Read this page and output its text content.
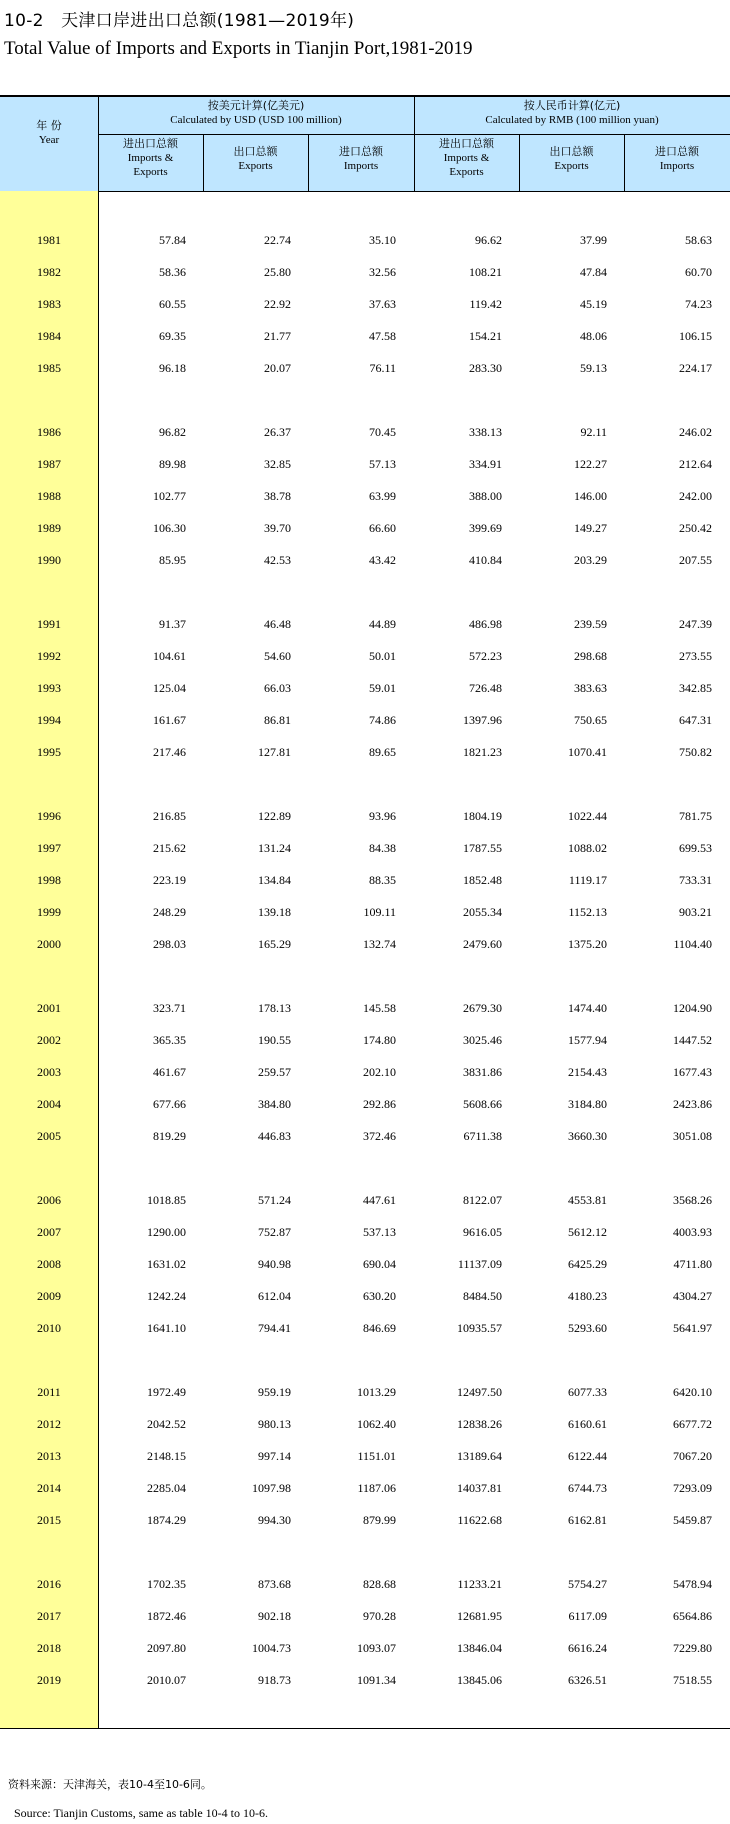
10-2　天津口岸进出口总额(1981—2019年)
Total Value of Imports and Exports in Tianjin Port,1981-2019
年 份
Year
按美元计算(亿美元)
Calculated by USD (USD 100 million)
按人民币计算(亿元)
Calculated by RMB (100 million yuan)
进出口总额
Imports &
Exports
出口总额
Exports
进口总额
Imports
进出口总额
Imports &
Exports
出口总额
Exports
进口总额
Imports
1981	57.84	22.74	35.10	96.62	37.99	58.63
1982	58.36	25.80	32.56	108.21	47.84	60.70
1983	60.55	22.92	37.63	119.42	45.19	74.23
1984	69.35	21.77	47.58	154.21	48.06	106.15
1985	96.18	20.07	76.11	283.30	59.13	224.17
1986	96.82	26.37	70.45	338.13	92.11	246.02
1987	89.98	32.85	57.13	334.91	122.27	212.64
1988	102.77	38.78	63.99	388.00	146.00	242.00
1989	106.30	39.70	66.60	399.69	149.27	250.42
1990	85.95	42.53	43.42	410.84	203.29	207.55
1991	91.37	46.48	44.89	486.98	239.59	247.39
1992	104.61	54.60	50.01	572.23	298.68	273.55
1993	125.04	66.03	59.01	726.48	383.63	342.85
1994	161.67	86.81	74.86	1397.96	750.65	647.31
1995	217.46	127.81	89.65	1821.23	1070.41	750.82
1996	216.85	122.89	93.96	1804.19	1022.44	781.75
1997	215.62	131.24	84.38	1787.55	1088.02	699.53
1998	223.19	134.84	88.35	1852.48	1119.17	733.31
1999	248.29	139.18	109.11	2055.34	1152.13	903.21
2000	298.03	165.29	132.74	2479.60	1375.20	1104.40
2001	323.71	178.13	145.58	2679.30	1474.40	1204.90
2002	365.35	190.55	174.80	3025.46	1577.94	1447.52
2003	461.67	259.57	202.10	3831.86	2154.43	1677.43
2004	677.66	384.80	292.86	5608.66	3184.80	2423.86
2005	819.29	446.83	372.46	6711.38	3660.30	3051.08
2006	1018.85	571.24	447.61	8122.07	4553.81	3568.26
2007	1290.00	752.87	537.13	9616.05	5612.12	4003.93
2008	1631.02	940.98	690.04	11137.09	6425.29	4711.80
2009	1242.24	612.04	630.20	8484.50	4180.23	4304.27
2010	1641.10	794.41	846.69	10935.57	5293.60	5641.97
2011	1972.49	959.19	1013.29	12497.50	6077.33	6420.10
2012	2042.52	980.13	1062.40	12838.26	6160.61	6677.72
2013	2148.15	997.14	1151.01	13189.64	6122.44	7067.20
2014	2285.04	1097.98	1187.06	14037.81	6744.73	7293.09
2015	1874.29	994.30	879.99	11622.68	6162.81	5459.87
2016	1702.35	873.68	828.68	11233.21	5754.27	5478.94
2017	1872.46	902.18	970.28	12681.95	6117.09	6564.86
2018	2097.80	1004.73	1093.07	13846.04	6616.24	7229.80
2019	2010.07	918.73	1091.34	13845.06	6326.51	7518.55
资料来源：天津海关，表10-4至10-6同。
Source: Tianjin Customs, same as table 10-4 to 10-6.
